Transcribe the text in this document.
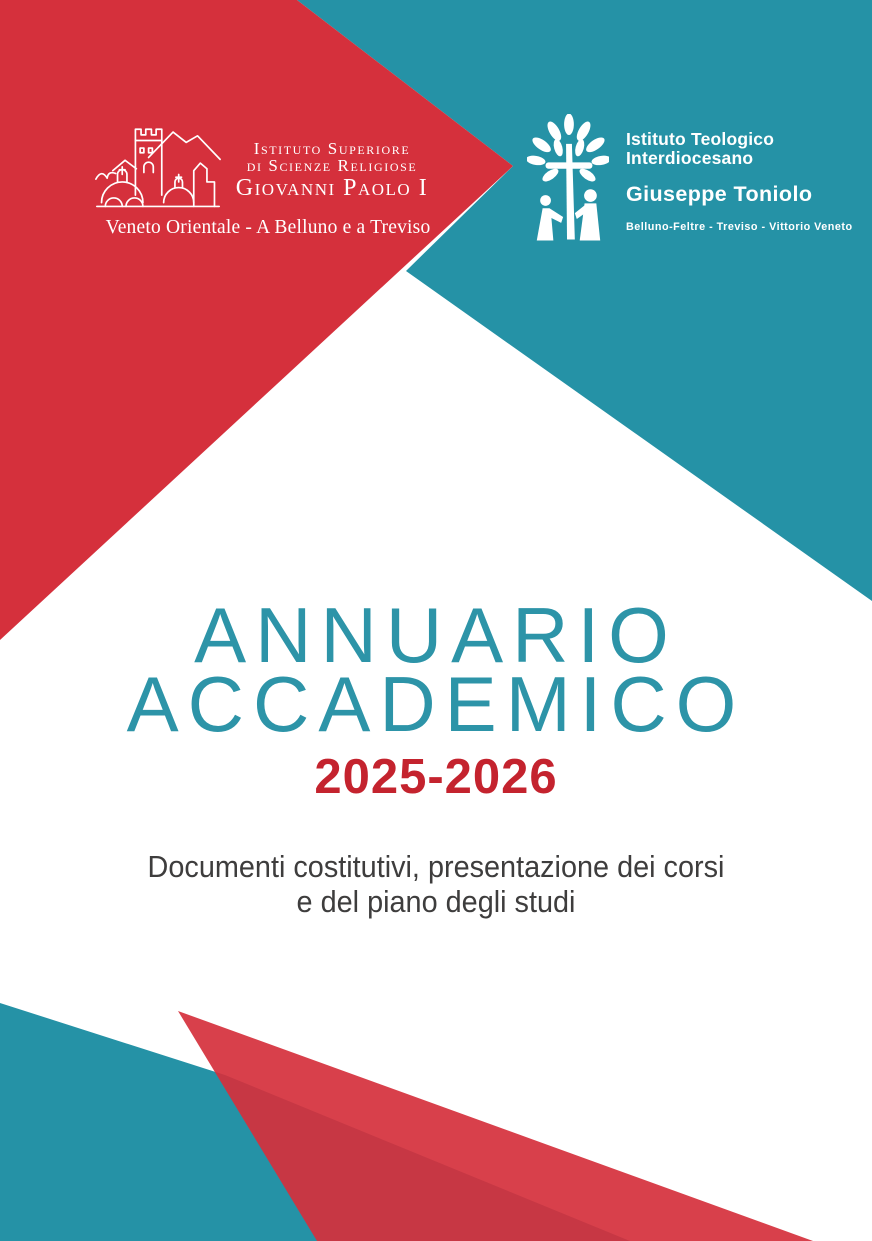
Istituto Superiore
di Scienze Religiose
Giovanni Paolo I
Veneto Orientale - A Belluno e a Treviso
Istituto Teologico
Interdiocesano
Giuseppe Toniolo
Belluno-Feltre - Treviso - Vittorio Veneto
ANNUARIO
ACCADEMICO
2025-2026
Documenti costitutivi, presentazione dei corsi
e del piano degli studi
